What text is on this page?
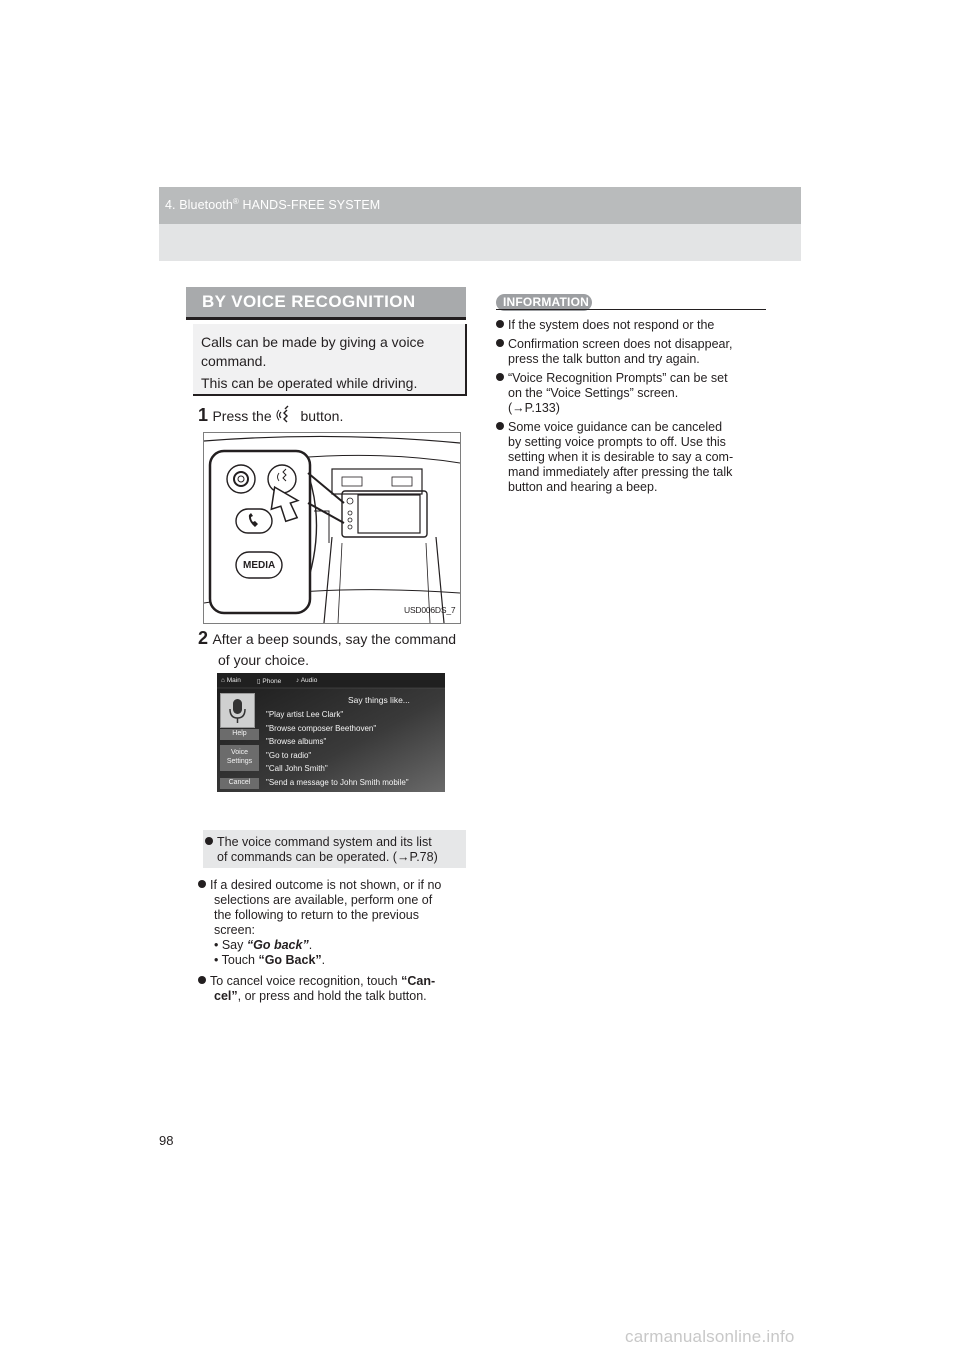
4. Bluetooth® HANDS-FREE SYSTEM
BY VOICE RECOGNITION
Calls can be made by giving a voice
command.
This can be operated while driving.
1 Press the button.
MEDIA
USD006DS_7
2 After a beep sounds, say the command
of your choice.
⌂ Main ▯ Phone ♪ Audio
Help
Voice
Settings
Cancel
Say things like...
"Play artist Lee Clark"
"Browse composer Beethoven"
"Browse albums"
"Go to radio"
"Call John Smith"
"Send a message to John Smith mobile"
The voice command system and its list
of commands can be operated. (→P.78)
If a desired outcome is not shown, or if no
selections are available, perform one of
the following to return to the previous
screen:
• Say “Go back”.
• Touch “Go Back”.
To cancel voice recognition, touch “Can-
cel”, or press and hold the talk button.
INFORMATION
If the system does not respond or the
Confirmation screen does not disappear,
press the talk button and try again.
“Voice Recognition Prompts” can be set
on the “Voice Settings” screen.
(→P.133)
Some voice guidance can be canceled
by setting voice prompts to off. Use this
setting when it is desirable to say a com-
mand immediately after pressing the talk
button and hearing a beep.
98
carmanualsonline.info
